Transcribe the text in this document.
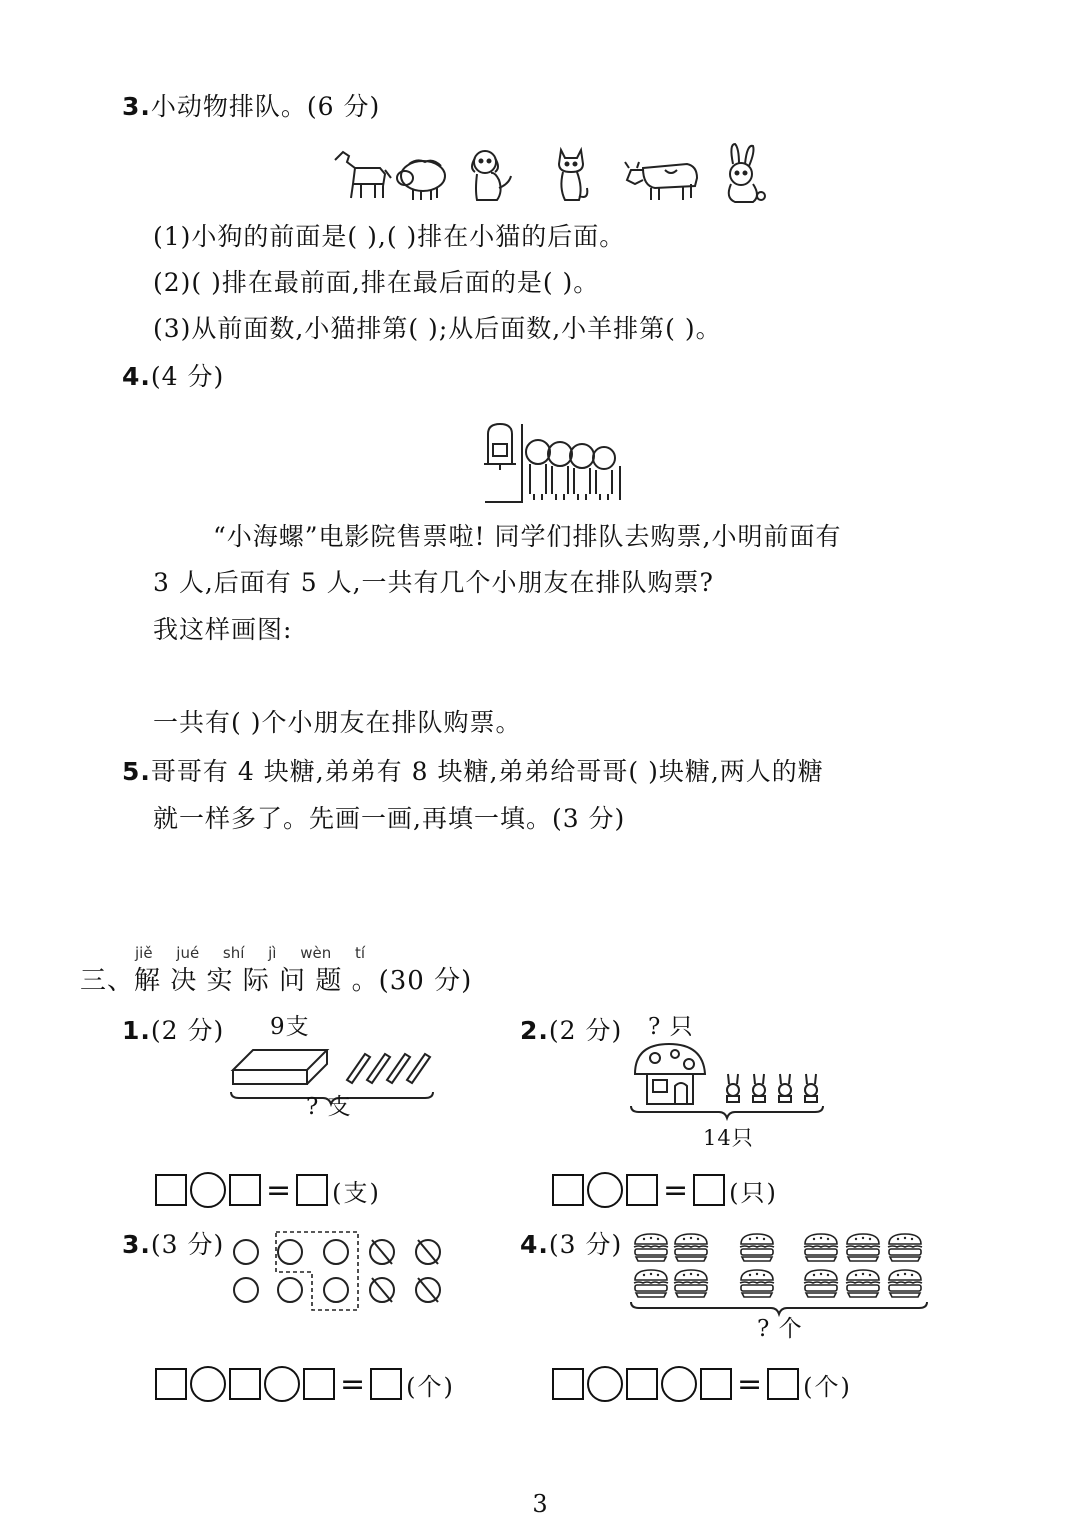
3.小动物排队。(6 分)
(1)小狗的前面是( ),( )排在小猫的后面。
(2)( )排在最前面,排在最后面的是( )。
(3)从前面数,小猫排第( );从后面数,小羊排第( )。
4.(4 分)
“小海螺”电影院售票啦! 同学们排队去购票,小明前面有
3 人,后面有 5 人,一共有几个小朋友在排队购票?
我这样画图:
一共有( )个小朋友在排队购票。
5.哥哥有 4 块糖,弟弟有 8 块糖,弟弟给哥哥( )块糖,两人的糖
就一样多了。先画一画,再填一填。(3 分)
jiě jué shí jì wèn tí
三、解 决 实 际 问 题 。(30 分)
1.(2 分) 9支
? 支
= (支)
2.(2 分) ? 只
14只
= (只)
3.(3 分)
= (个)
4.(3 分)
? 个
= (个)
3
